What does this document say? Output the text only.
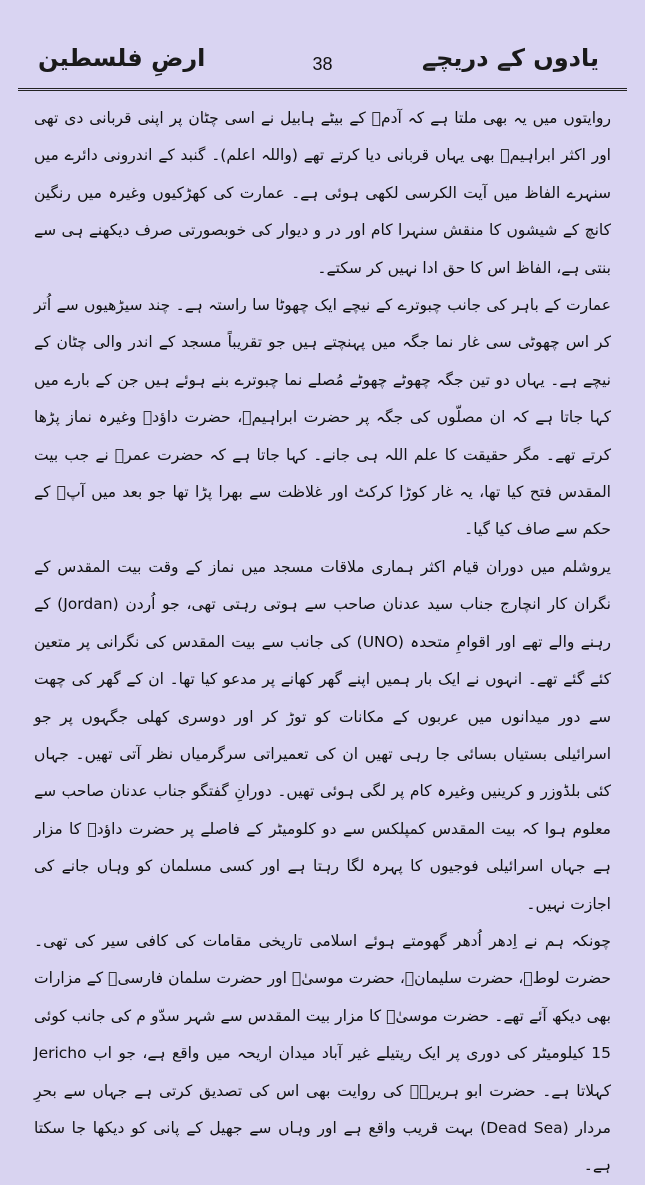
ارضِ فلسطین	38	یادوں کے دریچے

روایتوں میں یہ بھی ملتا ہے کہ آدمؑ کے بیٹے ہابیل نے اسی چٹان پر اپنی قربانی دی تھی اور اکثر ابراہیمؑ بھی یہاں قربانی دیا کرتے تھے (واللہ اعلم)۔ گنبد کے اندرونی دائرے میں سنہرے الفاظ میں آیت الکرسی لکھی ہوئی ہے۔ عمارت کی کھڑکیوں وغیرہ میں رنگین کانچ کے شیشوں کا منقش سنہرا کام اور در و دیوار کی خوبصورتی صرف دیکھنے ہی سے بنتی ہے، الفاظ اس کا حق ادا نہیں کر سکتے۔

عمارت کے باہر کی جانب چبوترے کے نیچے ایک چھوٹا سا راستہ ہے۔ چند سیڑھیوں سے اُتر کر اس چھوٹی سی غار نما جگہ میں پہنچتے ہیں جو تقریباً مسجد کے اندر والی چٹان کے نیچے ہے۔ یہاں دو تین جگہ چھوٹے چھوٹے مُصلے نما چبوترے بنے ہوئے ہیں جن کے بارے میں کہا جاتا ہے کہ ان مصلّوں کی جگہ پر حضرت ابراہیمؑ، حضرت داؤدؑ وغیرہ نماز پڑھا کرتے تھے۔ مگر حقیقت کا علم اللہ ہی جانے۔ کہا جاتا ہے کہ حضرت عمرؓ نے جب بیت المقدس فتح کیا تھا، یہ غار کوڑا کرکٹ اور غلاظت سے بھرا پڑا تھا جو بعد میں آپؓ کے حکم سے صاف کیا گیا۔

یروشلم میں دوران قیام اکثر ہماری ملاقات مسجد میں نماز کے وقت بیت المقدس کے نگران کار انچارج جناب سید عدنان صاحب سے ہوتی رہتی تھی، جو اُردن (Jordan) کے رہنے والے تھے اور اقوامِ متحدہ (UNO) کی جانب سے بیت المقدس کی نگرانی پر متعین کئے گئے تھے۔ انہوں نے ایک بار ہمیں اپنے گھر کھانے پر مدعو کیا تھا۔ ان کے گھر کی چھت سے دور میدانوں میں عربوں کے مکانات کو توڑ کر اور دوسری کھلی جگہوں پر جو اسرائیلی بستیاں بسائی جا رہی تھیں ان کی تعمیراتی سرگرمیاں نظر آتی تھیں۔ جہاں کئی بلڈوزر و کرینیں وغیرہ کام پر لگی ہوئی تھیں۔ دورانِ گفتگو جناب عدنان صاحب سے معلوم ہوا کہ بیت المقدس کمپلکس سے دو کلومیٹر کے فاصلے پر حضرت داؤدؑ کا مزار ہے جہاں اسرائیلی فوجیوں کا پہرہ لگا رہتا ہے اور کسی مسلمان کو وہاں جانے کی اجازت نہیں۔

چونکہ ہم نے اِدھر اُدھر گھومتے ہوئے اسلامی تاریخی مقامات کی کافی سیر کی تھی۔ حضرت لوطؑ، حضرت سلیمانؑ، حضرت موسیٰؑ اور حضرت سلمان فارسیؓ کے مزارات بھی دیکھ آئے تھے۔ حضرت موسیٰؑ کا مزار بیت المقدس سے شہر سدّو م کی جانب کوئی 15 کیلومیٹر کی دوری پر ایک ریتیلے غیر آباد میدان اریحہ میں واقع ہے، جو اب Jericho کہلاتا ہے۔ حضرت ابو ہریرہؓ کی روایت بھی اس کی تصدیق کرتی ہے جہاں سے بحرِ مردار (Dead Sea) بہت قریب واقع ہے اور وہاں سے جھیل کے پانی کو دیکھا جا سکتا ہے۔
